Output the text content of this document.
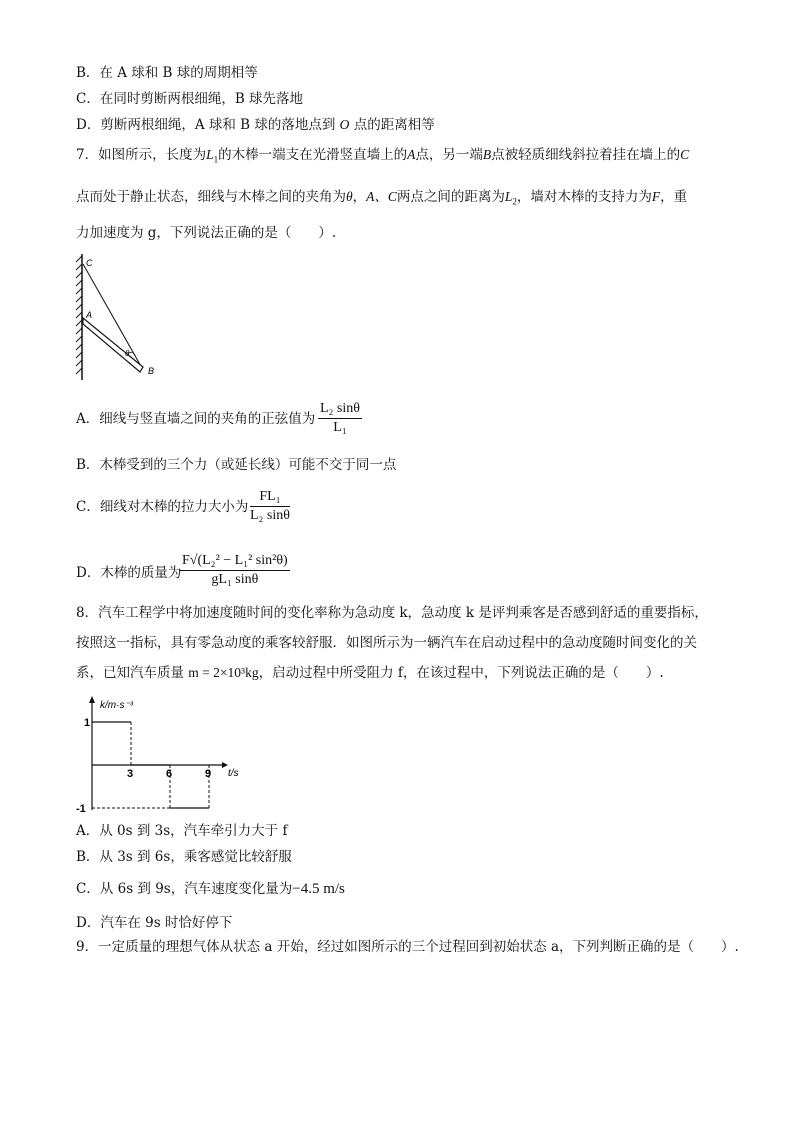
B．在 A 球和 B 球的周期相等
C．在同时剪断两根细绳，B 球先落地
D．剪断两根细绳，A 球和 B 球的落地点到 O 点的距离相等
7．如图所示，长度为$L_1$的木棒一端支在光滑竖直墙上的A点，另一端B点被轻质细线斜拉着挂在墙上的C
点而处于静止状态，细线与木棒之间的夹角为θ，A、C两点之间的距离为$L_2$，墙对木棒的支持力为F，重
力加速度为 g，下列说法正确的是（　　）.
C
A
θ
B
A．细线与竖直墙之间的夹角的正弦值为 $\frac{\text{L₂ sinθ}}{\text{L₁}}$
B．木棒受到的三个力（或延长线）可能不交于同一点
C．细线对木棒的拉力大小为 $\frac{\text{FL₁}}{\text{L₂ sinθ}}$
D．木棒的质量为
$\frac{\text{F√(L₂² − L₁² sin²θ)}}{\text{gL₁ sinθ}}$
8．汽车工程学中将加速度随时间的变化率称为急动度 k，急动度 k 是评判乘客是否感到舒适的重要指标，
按照这一指标，具有零急动度的乘客较舒服．如图所示为一辆汽车在启动过程中的急动度随时间变化的关
系，已知汽车质量 m = 2×10³kg，启动过程中所受阻力 f，在该过程中，下列说法正确的是（　　）.
k/m·s⁻³
t/s
3	6	9
1
-1
A．从 0s 到 3s，汽车牵引力大于 f
B．从 3s 到 6s，乘客感觉比较舒服
C．从 6s 到 9s，汽车速度变化量为−4.5 m/s
D．汽车在 9s 时恰好停下
9．一定质量的理想气体从状态 a 开始，经过如图所示的三个过程回到初始状态 a，下列判断正确的是（　　）.
